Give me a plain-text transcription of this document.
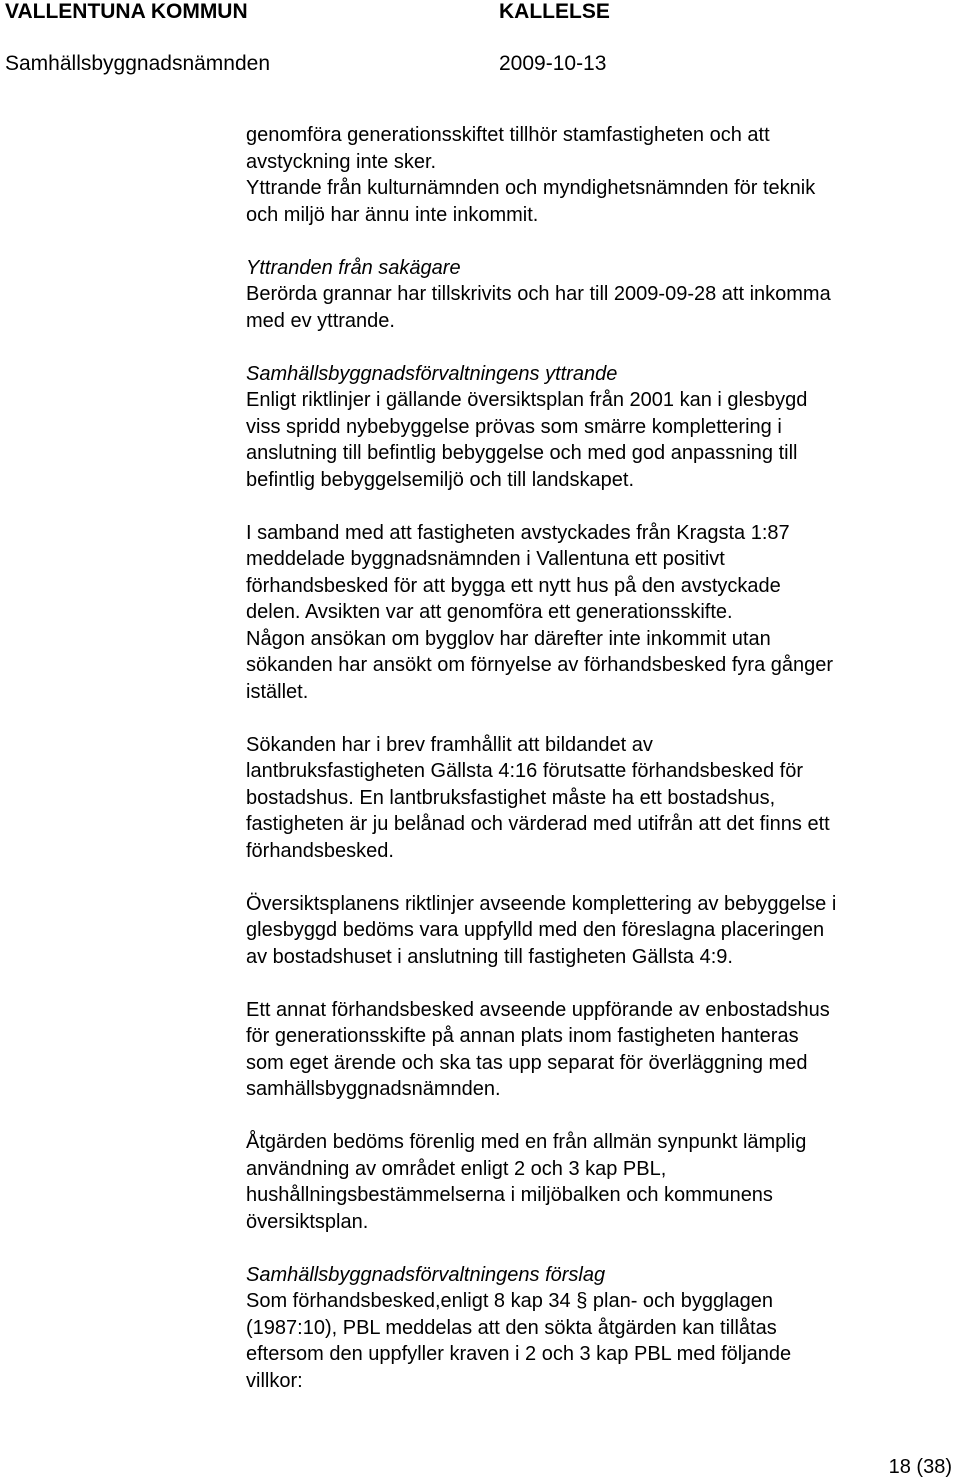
VALLENTUNA KOMMUN	KALLELSE
Samhällsbyggnadsnämnden	2009-10-13
genomföra generationsskiftet tillhör stamfastigheten och att
avstyckning inte sker.
Yttrande från kulturnämnden och myndighetsnämnden för teknik
och miljö har ännu inte inkommit.
Yttranden från sakägare
Berörda grannar har tillskrivits och har till 2009-09-28 att inkomma
med ev yttrande.
Samhällsbyggnadsförvaltningens yttrande
Enligt riktlinjer i gällande översiktsplan från 2001 kan i glesbygd
viss spridd nybebyggelse prövas som smärre komplettering i
anslutning till befintlig bebyggelse och med god anpassning till
befintlig bebyggelsemiljö och till landskapet.
I samband med att fastigheten avstyckades från Kragsta 1:87
meddelade byggnadsnämnden i Vallentuna ett positivt
förhandsbesked för att bygga ett nytt hus på den avstyckade
delen. Avsikten var att genomföra ett generationsskifte.
Någon ansökan om bygglov har därefter inte inkommit utan
sökanden har ansökt om förnyelse av förhandsbesked fyra gånger
istället.
Sökanden har i brev framhållit att bildandet av
lantbruksfastigheten Gällsta 4:16 förutsatte förhandsbesked för
bostadshus. En lantbruksfastighet måste ha ett bostadshus,
fastigheten är ju belånad och värderad med utifrån att det finns ett
förhandsbesked.
Översiktsplanens riktlinjer avseende komplettering av bebyggelse i
glesbyggd bedöms vara uppfylld med den föreslagna placeringen
av bostadshuset i anslutning till fastigheten Gällsta 4:9.
Ett annat förhandsbesked avseende uppförande av enbostadshus
för generationsskifte på annan plats inom fastigheten hanteras
som eget ärende och ska tas upp separat för överläggning med
samhällsbyggnadsnämnden.
Åtgärden bedöms förenlig med en från allmän synpunkt lämplig
användning av området enligt 2 och 3 kap PBL,
hushållningsbestämmelserna i miljöbalken och kommunens
översiktsplan.
Samhällsbyggnadsförvaltningens förslag
Som förhandsbesked,enligt 8 kap 34 § plan- och bygglagen
(1987:10), PBL meddelas att den sökta åtgärden kan tillåtas
eftersom den uppfyller kraven i 2 och 3 kap PBL med följande
villkor:
18 (38)
